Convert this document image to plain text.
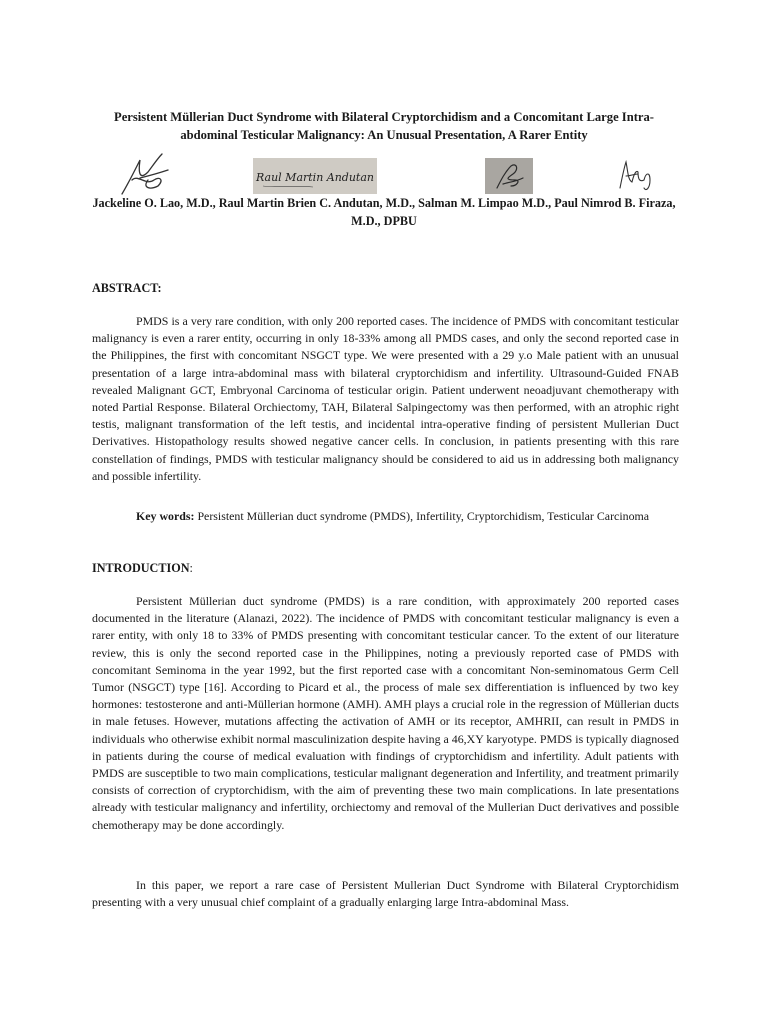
Persistent Müllerian Duct Syndrome with Bilateral Cryptorchidism and a Concomitant Large Intra-abdominal Testicular Malignancy: An Unusual Presentation, A Rarer Entity
Raul Martin Andutan
Jackeline O. Lao, M.D., Raul Martin Brien C. Andutan, M.D., Salman M. Limpao M.D., Paul Nimrod B. Firaza, M.D., DPBU
ABSTRACT:
PMDS is a very rare condition, with only 200 reported cases. The incidence of PMDS with concomitant testicular malignancy is even a rarer entity, occurring in only 18-33% among all PMDS cases, and only the second reported case in the Philippines, the first with concomitant NSGCT type. We were presented with a 29 y.o Male patient with an unusual presentation of a large intra-abdominal mass with bilateral cryptorchidism and infertility. Ultrasound-Guided FNAB revealed Malignant GCT, Embryonal Carcinoma of testicular origin. Patient underwent neoadjuvant chemotherapy with noted Partial Response. Bilateral Orchiectomy, TAH, Bilateral Salpingectomy was then performed, with an atrophic right testis, malignant transformation of the left testis, and incidental intra-operative finding of persistent Mullerian Duct Derivatives. Histopathology results showed negative cancer cells. In conclusion, in patients presenting with this rare constellation of findings, PMDS with testicular malignancy should be considered to aid us in addressing both malignancy and possible infertility.
Key words: Persistent Müllerian duct syndrome (PMDS), Infertility, Cryptorchidism, Testicular Carcinoma
INTRODUCTION:
Persistent Müllerian duct syndrome (PMDS) is a rare condition, with approximately 200 reported cases documented in the literature (Alanazi, 2022). The incidence of PMDS with concomitant testicular malignancy is even a rarer entity, with only 18 to 33% of PMDS presenting with concomitant testicular cancer. To the extent of our literature review, this is only the second reported case in the Philippines, noting a previously reported case of PMDS with concomitant Seminoma in the year 1992, but the first reported case with a concomitant Non-seminomatous Germ Cell Tumor (NSGCT) type [16]. According to Picard et al., the process of male sex differentiation is influenced by two key hormones: testosterone and anti-Müllerian hormone (AMH). AMH plays a crucial role in the regression of Müllerian ducts in male fetuses. However, mutations affecting the activation of AMH or its receptor, AMHRII, can result in PMDS in individuals who otherwise exhibit normal masculinization despite having a 46,XY karyotype. PMDS is typically diagnosed in patients during the course of medical evaluation with findings of cryptorchidism and infertility. Adult patients with PMDS are susceptible to two main complications, testicular malignant degeneration and Infertility, and treatment primarily consists of correction of cryptorchidism, with the aim of preventing these two main complications. In late presentations already with testicular malignancy and infertility, orchiectomy and removal of the Mullerian Duct derivatives and possible chemotherapy may be done accordingly.
In this paper, we report a rare case of Persistent Mullerian Duct Syndrome with Bilateral Cryptorchidism presenting with a very unusual chief complaint of a gradually enlarging large Intra-abdominal Mass.
